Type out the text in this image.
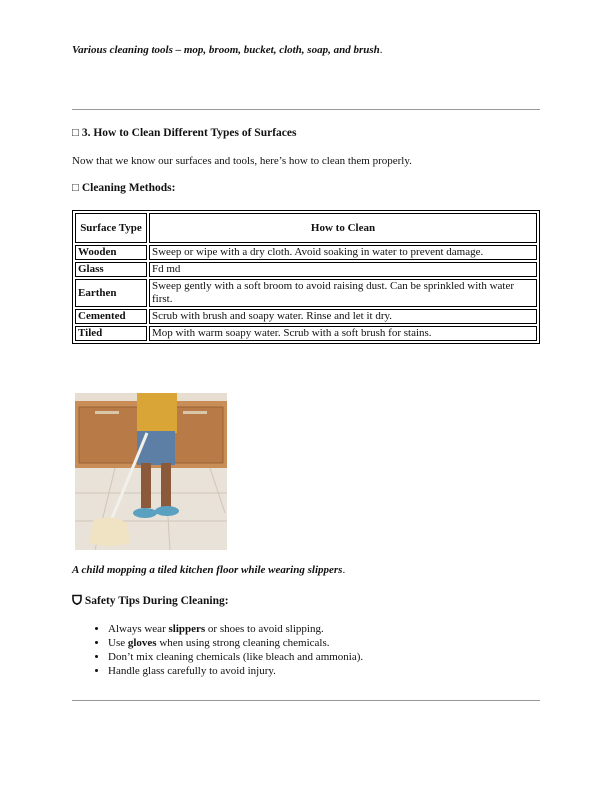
Various cleaning tools – mop, broom, bucket, cloth, soap, and brush.
□ 3. How to Clean Different Types of Surfaces
Now that we know our surfaces and tools, here’s how to clean them properly.
□ Cleaning Methods:
Surface Type	How to Clean
Wooden	Sweep or wipe with a dry cloth. Avoid soaking in water to prevent damage.
Glass	Fd md
Earthen	Sweep gently with a soft broom to avoid raising dust. Can be sprinkled with water first.
Cemented	Scrub with brush and soapy water. Rinse and let it dry.
Tiled	Mop with warm soapy water. Scrub with a soft brush for stains.
A child mopping a tiled kitchen floor while wearing slippers.
Safety Tips During Cleaning:
• Always wear slippers or shoes to avoid slipping.
• Use gloves when using strong cleaning chemicals.
• Don’t mix cleaning chemicals (like bleach and ammonia).
• Handle glass carefully to avoid injury.
